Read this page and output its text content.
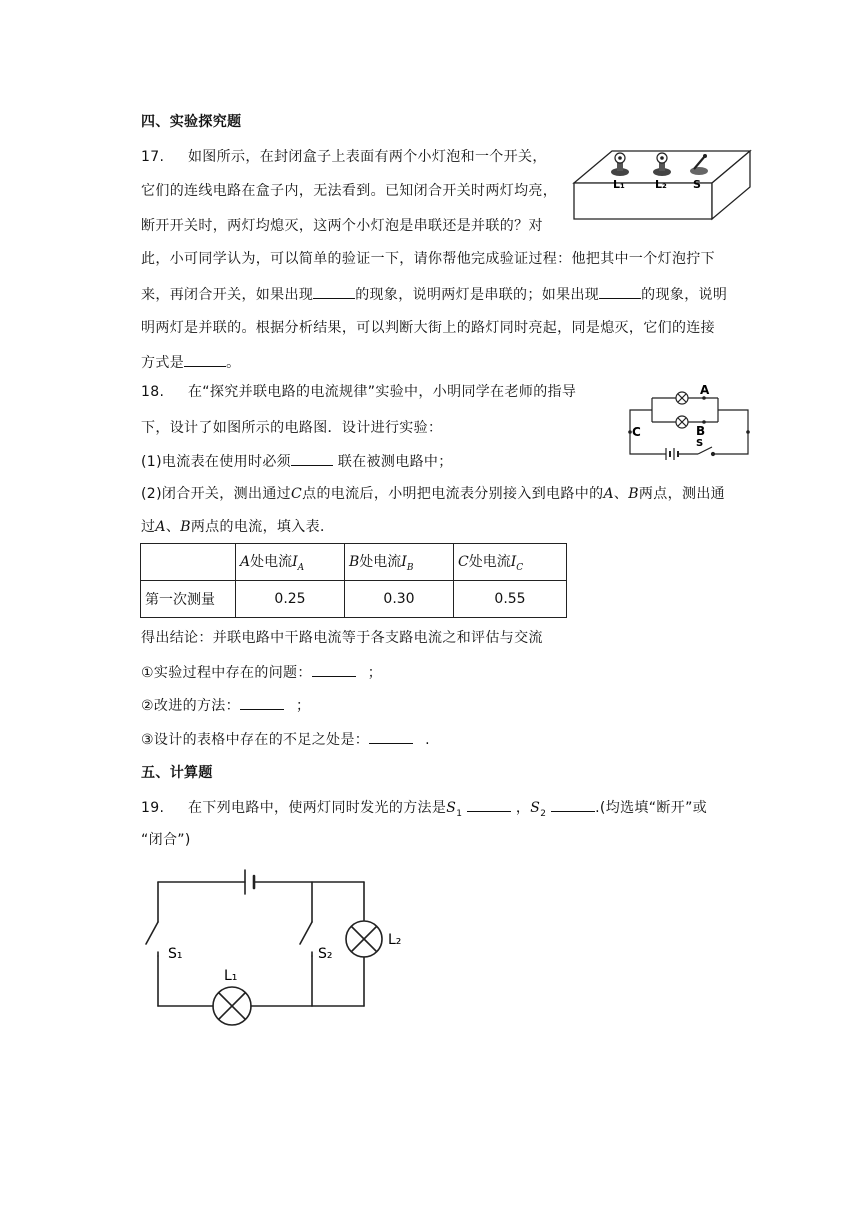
四、实验探究题
17. 如图所示，在封闭盒子上表面有两个小灯泡和一个开关，
它们的连线电路在盒子内，无法看到。已知闭合开关时两灯均亮，
断开开关时，两灯均熄灭，这两个小灯泡是串联还是并联的？对
此，小可同学认为，可以简单的验证一下，请你帮他完成验证过程：他把其中一个灯泡拧下
来，再闭合开关，如果出现	的现象，说明两灯是串联的；如果出现	的现象，说明
明两灯是并联的。根据分析结果，可以判断大街上的路灯同时亮起，同是熄灭，它们的连接
方式是	。
L₁	L₂ S
18. 在“探究并联电路的电流规律”实验中，小明同学在老师的指导
下，设计了如图所示的电路图．设计进行实验：
(1)电流表在使用时必须	联在被测电路中；
(2)闭合开关，测出通过C点的电流后，小明把电流表分别接入到电路中的A、B两点，测出通
过A、B两点的电流，填入表．
A
B
C
S
	A处电流$I_A$	B处电流$I_B$	C处电流$I_C$
第一次测量	0.25	0.30	0.55
得出结论：并联电路中干路电流等于各支路电流之和评估与交流
①实验过程中存在的问题：	；
②改进的方法：	；
③设计的表格中存在的不足之处是：	.
五、计算题
19. 在下列电路中，使两灯同时发光的方法是$S_1$	，$S_2$	.(均选填“断开”或
“闭合”)
S₁	S₂
L₁
L₂
